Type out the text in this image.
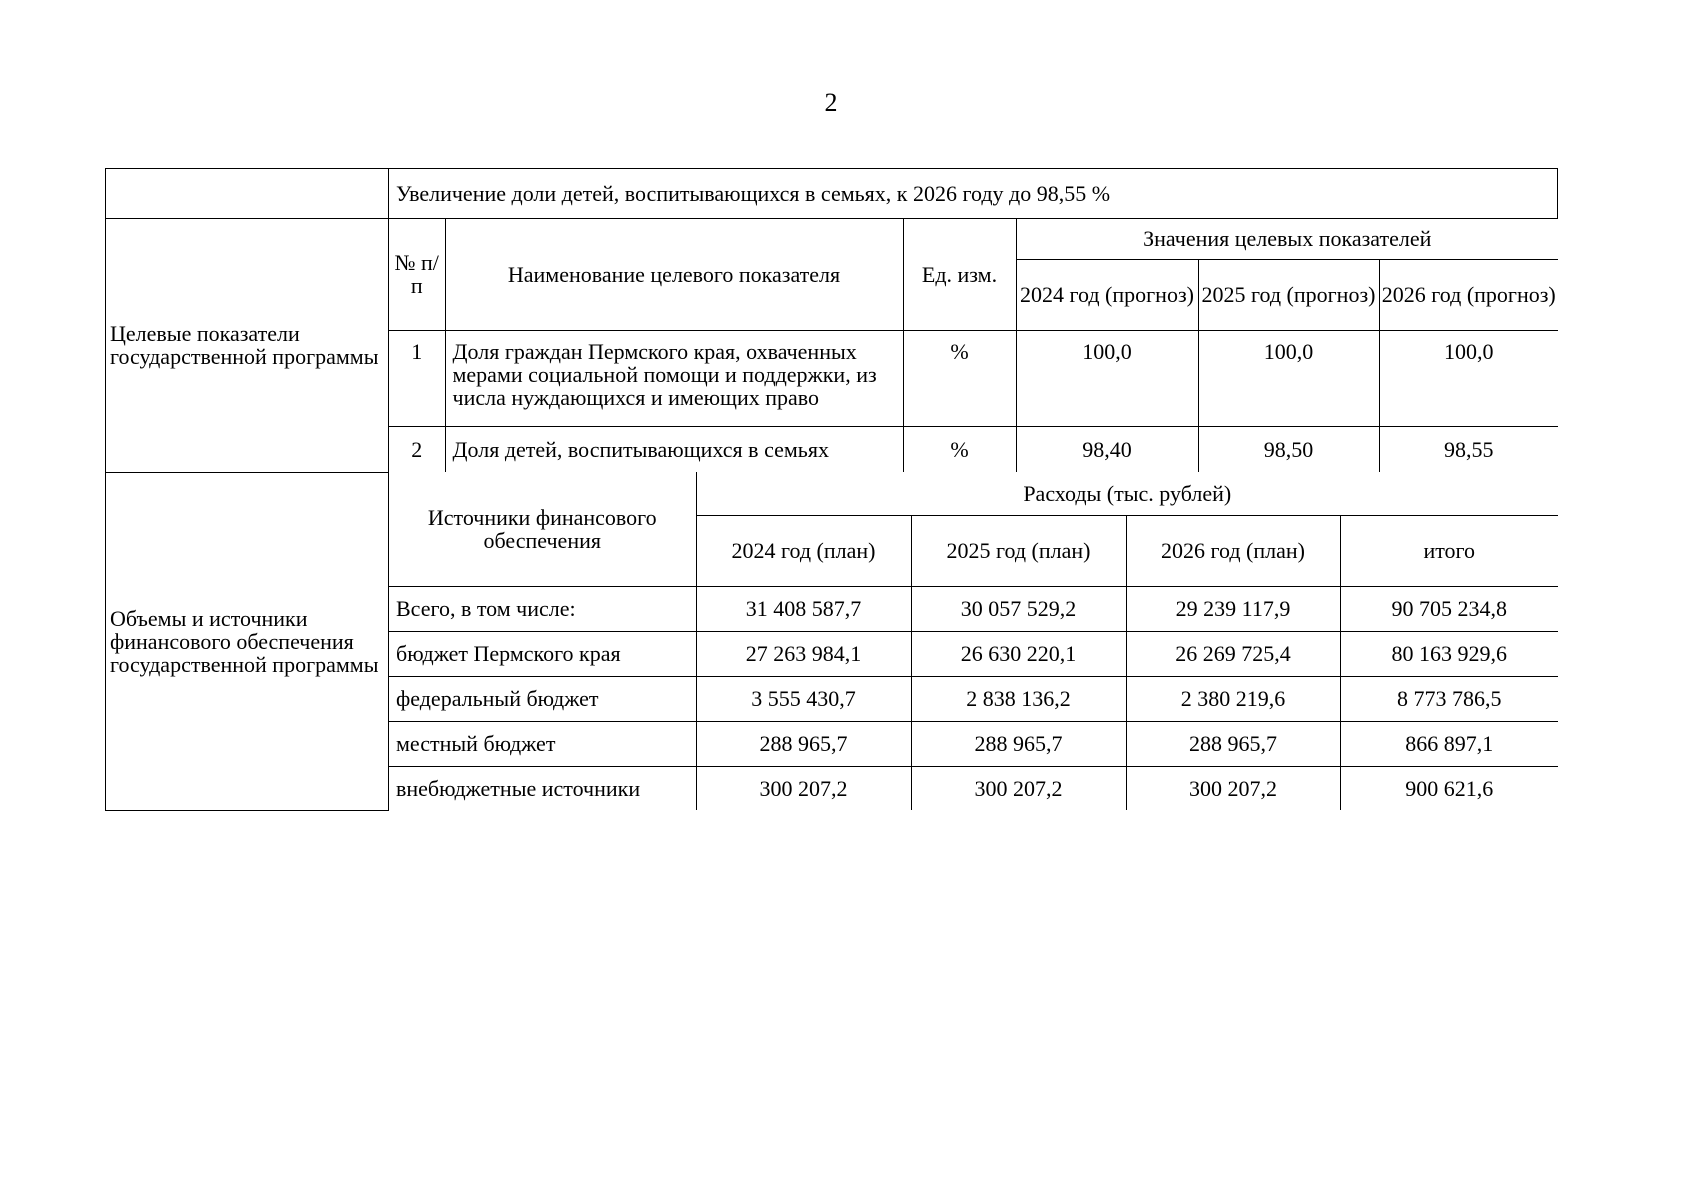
2
	Увеличение доли детей, воспитывающихся в семьях, к 2026 году до 98,55 %
Целевые показатели государственной программы	
№ п/п	Наименование целевого показателя	Ед. изм.	Значения целевых показателей
2024 год (прогноз)	2025 год (прогноз)	2026 год (прогноз)
1	Доля граждан Пермского края, охваченных мерами социальной помощи и поддержки, из числа нуждающихся и имеющих право	%	100,0	100,0	100,0
2	Доля детей, воспитывающихся в семьях	%	98,40	98,50	98,55

Объемы и источники финансового обеспечения государственной программы	
Источники финансового обеспечения	Расходы (тыс. рублей)
2024 год (план)	2025 год (план)	2026 год (план)	итого
Всего, в том числе:	31 408 587,7	30 057 529,2	29 239 117,9	90 705 234,8
бюджет Пермского края	27 263 984,1	26 630 220,1	26 269 725,4	80 163 929,6
федеральный бюджет	3 555 430,7	2 838 136,2	2 380 219,6	8 773 786,5
местный бюджет	288 965,7	288 965,7	288 965,7	866 897,1
внебюджетные источники	300 207,2	300 207,2	300 207,2	900 621,6
